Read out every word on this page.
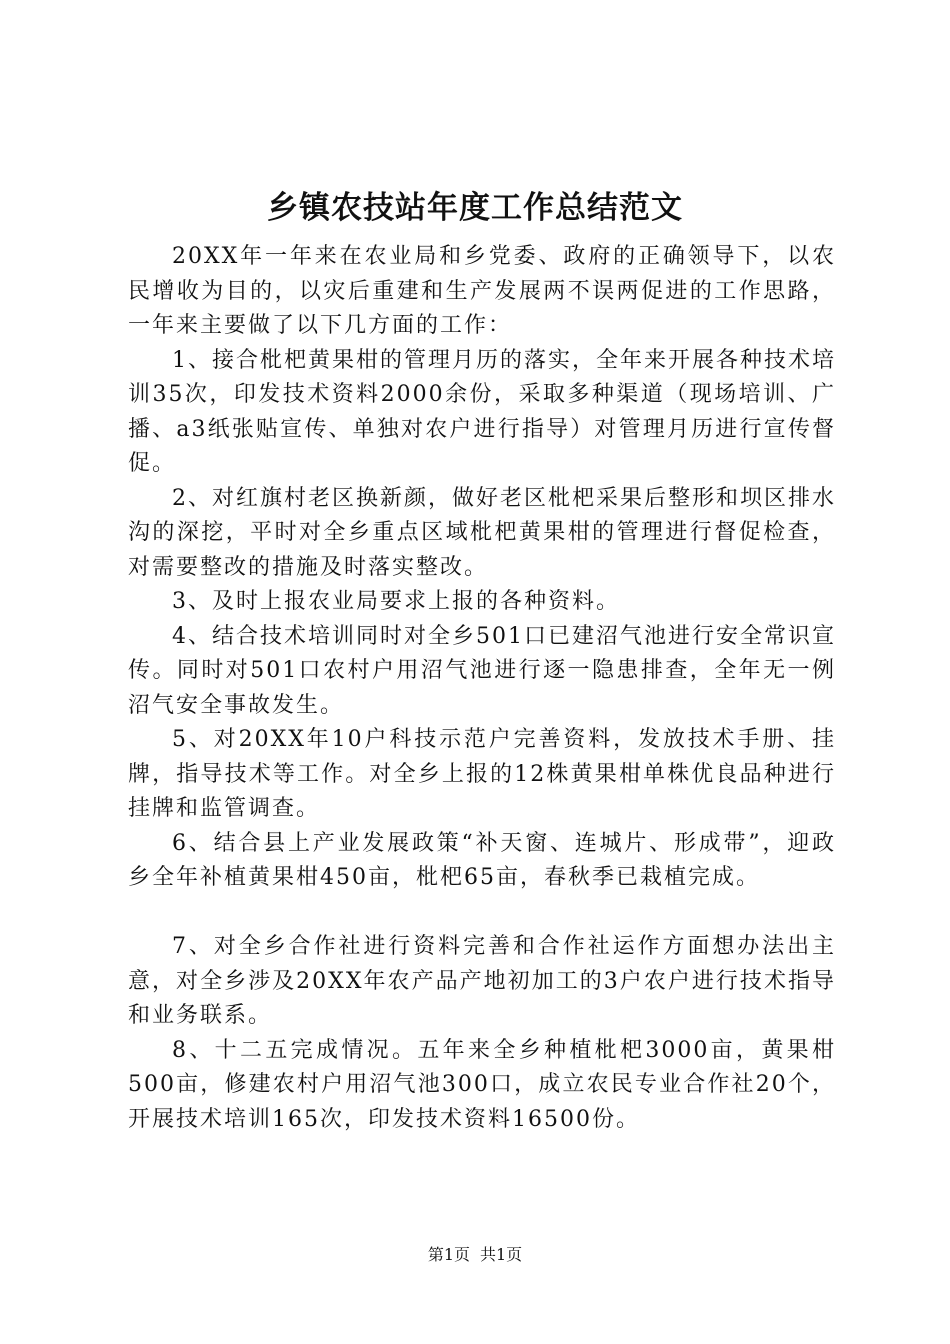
乡镇农技站年度工作总结范文

20XX年一年来在农业局和乡党委、政府的正确领导下，以农民增收为目的，以灾后重建和生产发展两不误两促进的工作思路，一年来主要做了以下几方面的工作：

1、接合枇杷黄果柑的管理月历的落实，全年来开展各种技术培训35次，印发技术资料2000余份，采取多种渠道（现场培训、广播、a3纸张贴宣传、单独对农户进行指导）对管理月历进行宣传督促。

2、对红旗村老区换新颜，做好老区枇杷采果后整形和坝区排水沟的深挖，平时对全乡重点区域枇杷黄果柑的管理进行督促检查，对需要整改的措施及时落实整改。

3、及时上报农业局要求上报的各种资料。

4、结合技术培训同时对全乡501口已建沼气池进行安全常识宣传。同时对501口农村户用沼气池进行逐一隐患排查，全年无一例沼气安全事故发生。

5、对20XX年10户科技示范户完善资料，发放技术手册、挂牌，指导技术等工作。对全乡上报的12株黄果柑单株优良品种进行挂牌和监管调查。

6、结合县上产业发展政策“补天窗、连城片、形成带”，迎政乡全年补植黄果柑450亩，枇杷65亩，春秋季已栽植完成。

7、对全乡合作社进行资料完善和合作社运作方面想办法出主意，对全乡涉及20XX年农产品产地初加工的3户农户进行技术指导和业务联系。

8、十二五完成情况。五年来全乡种植枇杷3000亩，黄果柑500亩，修建农村户用沼气池300口，成立农民专业合作社20个，开展技术培训165次，印发技术资料16500份。

第1页 共1页
